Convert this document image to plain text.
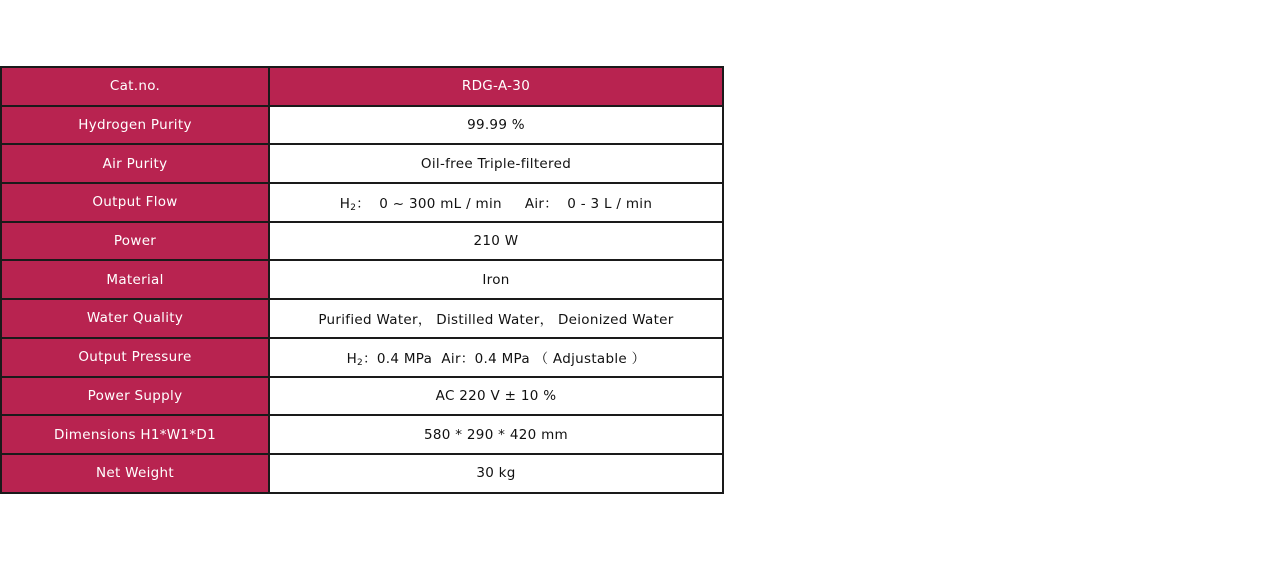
Cat.no.	RDG-A-30
Hydrogen Purity	99.99 %
Air Purity	Oil-free Triple-filtered
Output Flow	$H_2$：  0 ~ 300 mL / min     Air：  0 - 3 L / min
Power	210 W
Material	Iron
Water Quality	Purified Water， Distilled Water， Deionized Water
Output Pressure	$H_2$：0.4 MPa  Air：0.4 MPa （ Adjustable ）
Power Supply	AC 220 V ± 10 %
Dimensions H1*W1*D1	580 * 290 * 420 mm
Net Weight	30 kg
